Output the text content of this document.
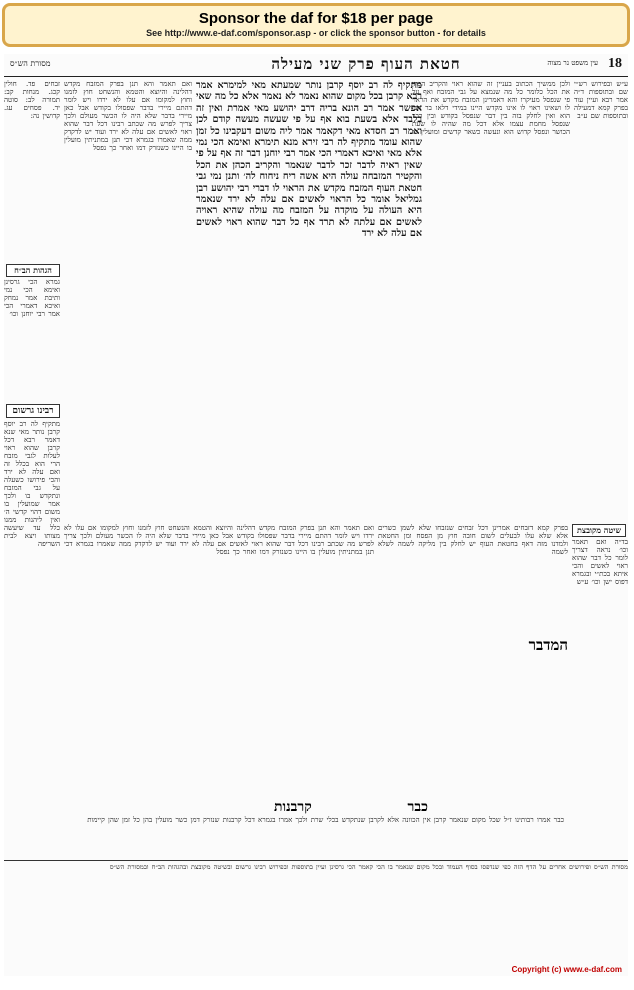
Sponsor the daf for $18 per page
See http://www.e-daf.com/sponsor.asp - or click the sponsor button - for details
18
חטאת העוף פרק שני מעילה
מסורת הש״ס	עין משפט נר מצוה
ע״ש ובפירוש רש״י שם ובתוספות ד״ה אמר רבא ועיין עוד בפרק קמא דמעילה ובתוספות שם ע״ב
ולכן ממשיך הכתוב בעניין זה שהוא ראוי והקריב הכהן את הכל כלומר כל מה שנמצא על גבי המזבח ואף על פי שנפסל מעיקרו והא דאמרינן המזבח מקדש את הראוי לו ושאינו ראוי לו אינו מקדש היינו במידי דלאו בר הכי הוא ואין לחלק בזה בין דבר שנפסל בקודש ובין דבר שנפסל מחמת עצמו אלא דכל מה שהיה לו שעת הכושר ונפסל קדוש הוא ונעשה כשאר קדשים ומועלין בו
מתקיף לה רב יוסף קרבן נותר שמעתא מאי למימרא אמר רבא קרבן בכל מקום שהוא נאמר לא נאמר אלא כל מה שאי אפשר אמר רב הונא בריה דרב יהושע מאי אמרת ואין זה בלבד אלא בשעת בוא אף על פי שעשה מעשה קודם לכן ואמר רב חסדא מאי דקאמר אמר ליה משום דעקבינו כל זמן שהוא עומד מתקיף לה רבי זירא מנא תימרא ואימא הכי נמי אלא מאי ואיכא דאמרי הכי אמר רבי יוחנן דבר זה אף על פי שאין ראיה לדבר זכר לדבר שנאמר והקריב הכהן את הכל והקטיר המזבחה עולה היא אשה ריח ניחוח לה׳ ותנן נמי גבי חטאת העוף המזבח מקדש את הראוי לו דברי רבי יהושע רבן גמליאל אומר כל הראוי לאשים אם עלה לא ירד שנאמר היא העולה על מוקדה על המזבח מה עולה שהיא ראויה לאשים אם עלתה לא תרד אף כל דבר שהוא ראוי לאשים אם עלה לא ירד
ואם תאמר והא תנן בפרק המזבח מקדש דהלינה והיוצא והטמא והנשחט חוץ לזמנו וחוץ למקומו אם עלו לא ירדו ויש לומר דהתם מיירי בדבר שפסולו בקודש אבל כאן מיירי בדבר שלא היה לו הכשר מעולם ולכך צריך לפרש מה שכתב רבינו דכל דבר שהוא ראוי לאשים אם עלה לא ירד ועוד יש לדקדק ממה שאמרו בגמרא דכי תנן במתניתין מועלין בו היינו כשנזרק דמו ואחר כך נפסל
זבחים פד. חולין קכג. מנחות קב: תמורה לב: סוטה יד. פסחים עג. קדושין נה:
הגהות הב״ח
גמרא הכי גרסינן ואימא הכי נמי ותיבת אמר נמחק ואיכא דאמרי הכי אמר רבי יוחנן וכו׳
רבינו גרשום
מתקיף לה רב יוסף קרבן נותר מאי שנא דאמר רבא דכל קרבן שהוא ראוי לעלות לגבי מזבח הרי הוא בכלל זה ואם עלה לא ירד והכי פירושו כשעלה על גבי המזבח ונתקדש בו ולכך אמר שמועלין בו משום דהוי קדשי ה׳ ואין ליהנות ממנו כלל עד שיעשה מצותו ויצא לבית השריפה
שיטה מקובצת
בד״ה ואם תאמר וכו׳ נראה דצריך לומר כל דבר שהוא ראוי לאשים והכי איתא בכת״י ובגמרא דפוס ישן וכו׳ ע״ש
המדבר
בפרק קמא דזבחים אמרינן דכל זבחים שנזבחו שלא לשמן כשרים אלא שלא עלו לבעלים לשום חובה חוץ מן הפסח ומן החטאת ולמדנו מזה דאף בחטאת העוף יש לחלק בין מליקה לשמה לשלא לשמה
ואם תאמר והא תנן בפרק המזבח מקדש דהלינה והיוצא והטמא והנשחט חוץ לזמנו וחוץ למקומו אם עלו לא ירדו ויש לומר דהתם מיירי בדבר שפסולו בקודש אבל כאן מיירי בדבר שלא היה לו הכשר מעולם ולכך צריך לפרש מה שכתב רבינו דכל דבר שהוא ראוי לאשים אם עלה לא ירד ועוד יש לדקדק ממה שאמרו בגמרא דכי תנן במתניתין מועלין בו היינו כשנזרק דמו ואחר כך נפסל
כבר
קרבנות
כבר אמרו רבותינו ז״ל שכל מקום שנאמר קרבן אין הכוונה אלא לקרבן שנתקדש בכלי שרת ולכך אמרו בגמרא דכל קרבנות שנזרק דמן כשר מועלין בהן כל זמן שהן קיימות
מסורת הש״ס ופירושים אחרים על הדף הזה כפי שנדפסו בסוף העמוד ובכל מקום שנאמר בו הכי קאמר הכי גרסינן ועיין בתוספות ובפירוש רבינו גרשום ובשיטה מקובצת ובהגהות הב״ח ובמסורת הש״ס
Copyright (c) www.e-daf.com
